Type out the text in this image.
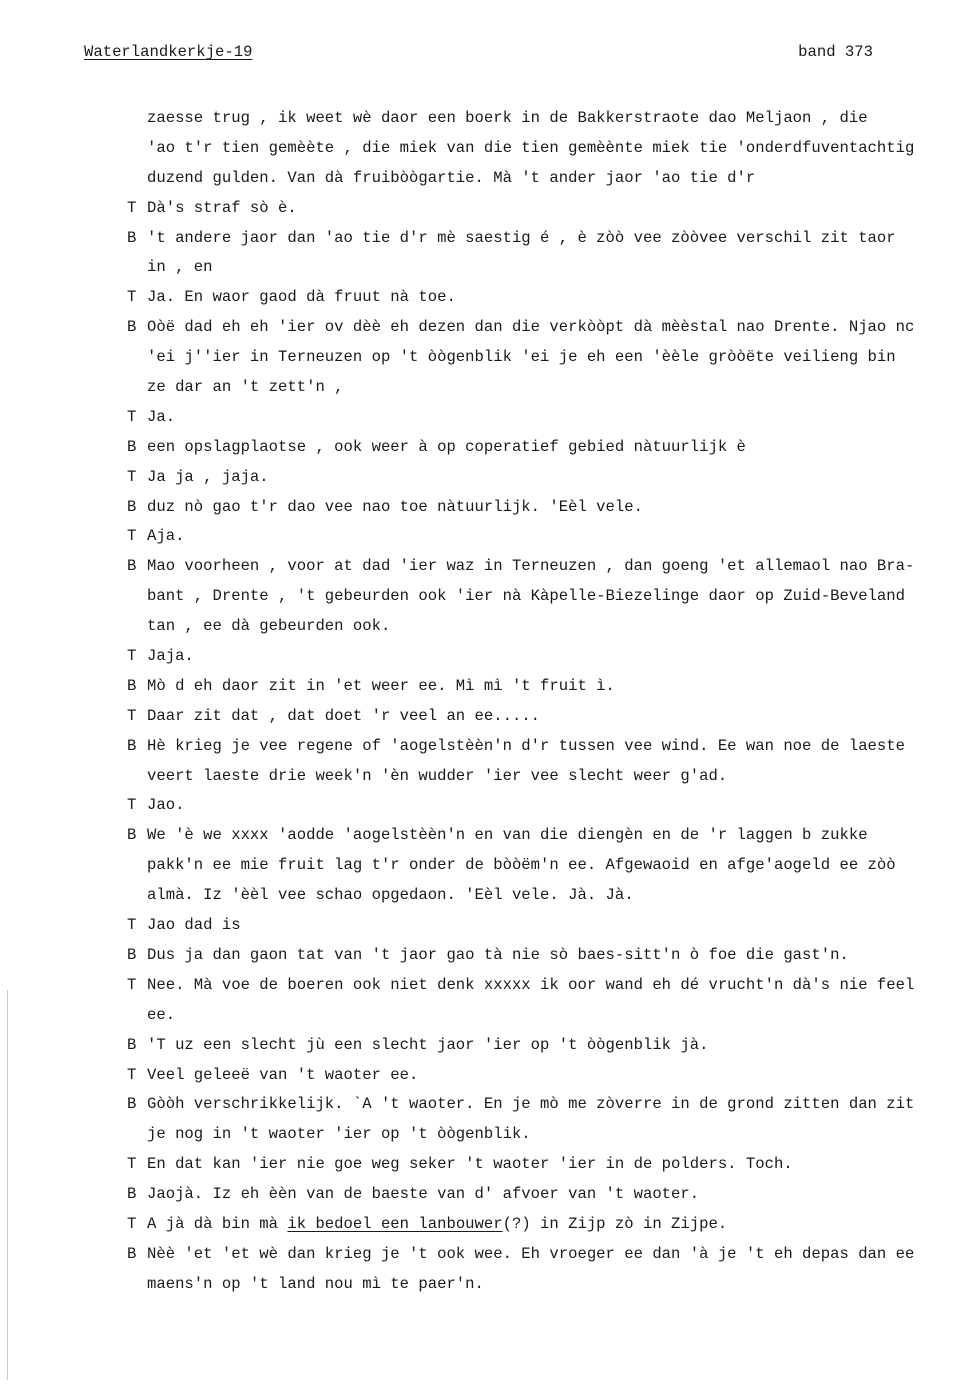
Waterlandkerkje-19	band 373
zaesse trug , ik weet wè daor een boerk in de Bakkerstraote dao Meljaon , die
'ao t'r tien gemèète , die miek van die tien gemèènte miek tie 'onderdfuventachtig
duzend gulden. Van dà fruibòògartie. Mà 't ander jaor 'ao tie d'r
T Dà's straf sò è.
B 't andere jaor dan 'ao tie d'r mè saestig é , è zòò vee zòòvee verschil zit taor
in , en
T Ja. En waor gaod dà fruut nà toe.
B Oòë dad eh eh 'ier ov dèè eh dezen dan die verkòòpt dà mèèstal nao Drente. Njao nc
'ei j''ier in Terneuzen op 't òògenblik 'ei je eh een 'èèle gròòëte veilieng bin
ze dar an 't zett'n ,
T Ja.
B een opslagplaotse , ook weer à op coperatief gebied nàtuurlijk è
T Ja ja , jaja.
B duz nò gao t'r dao vee nao toe nàtuurlijk. 'Eèl vele.
T Aja.
B Mao voorheen , voor at dad 'ier waz in Terneuzen , dan goeng 'et allemaol nao Bra-
bant , Drente , 't gebeurden ook 'ier nà Kàpelle-Biezelinge daor op Zuid-Beveland
tan , ee dà gebeurden ook.
T Jaja.
B Mò d eh daor zit in 'et weer ee. Mì mì 't fruit ì.
T Daar zit dat , dat doet 'r veel an ee.....
B Hè krieg je vee regene of 'aogelstèèn'n d'r tussen vee wind. Ee wan noe de laeste
veert laeste drie week'n 'èn wudder 'ier vee slecht weer g'ad.
T Jao.
B We 'è we xxxx 'aodde 'aogelstèèn'n en van die diengèn en de 'r laggen b zukke
pakk'n ee mie fruit lag t'r onder de bòòëm'n ee. Afgewaoid en afge'aogeld ee zòò
almà. Iz 'èèl vee schao opgedaon. 'Eèl vele. Jà. Jà.
T Jao dad is
B Dus ja dan gaon tat van 't jaor gao tà nie sò baes-sitt'n ò foe die gast'n.
T Nee. Mà voe de boeren ook niet denk xxxxx ik oor wand eh dé vrucht'n dà's nie feel
ee.
B 'T uz een slecht jù een slecht jaor 'ier op 't òògenblik jà.
T Veel geleeë van 't waoter ee.
B Gòòh verschrikkelijk. `A 't waoter. En je mò me zòverre in de grond zitten dan zit
je nog in 't waoter 'ier op 't òògenblik.
T En dat kan 'ier nie goe weg seker 't waoter 'ier in de polders. Toch.
B Jaojà. Iz eh èèn van de baeste van d' afvoer van 't waoter.
T A jà dà bin mà ik bedoel een lanbouwer(?) in Zijp zò in Zijpe.
B Nèè 'et 'et wè dan krieg je 't ook wee. Eh vroeger ee dan 'à je 't eh depas dan ee
maens'n op 't land nou mì te paer'n.
